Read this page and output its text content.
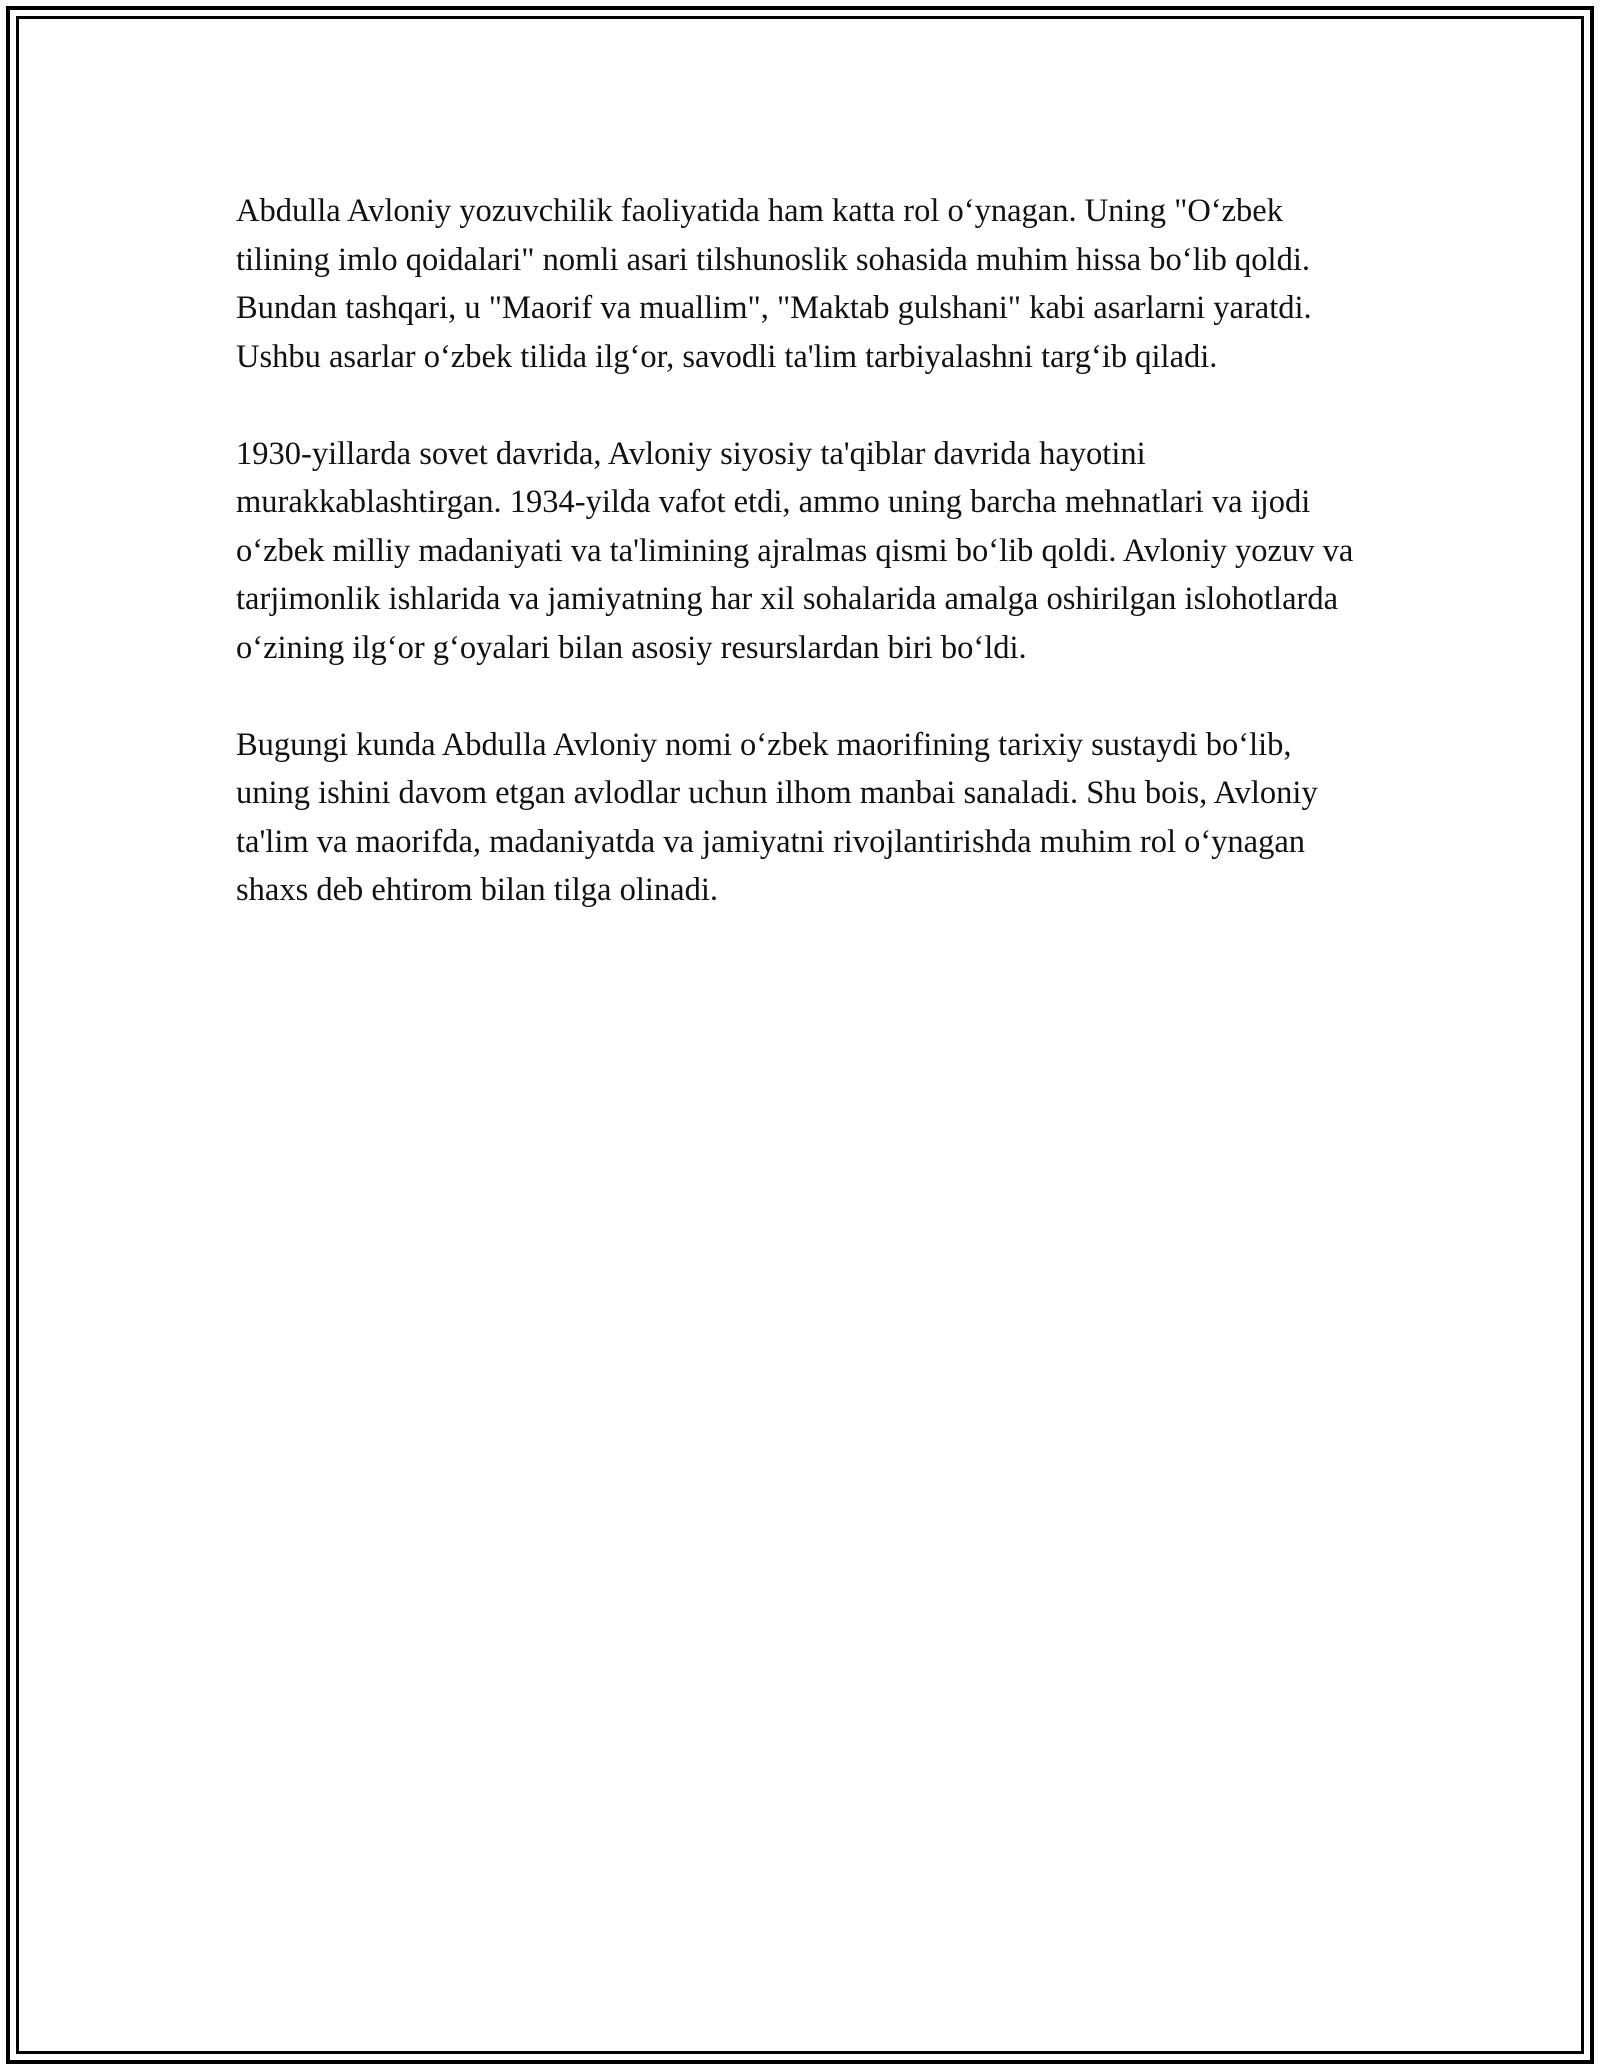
Abdulla Avloniy yozuvchilik faoliyatida ham katta rol o‘ynagan. Uning "O‘zbek tilining imlo qoidalari" nomli asari tilshunoslik sohasida muhim hissa bo‘lib qoldi. Bundan tashqari, u "Maorif va muallim", "Maktab gulshani" kabi asarlarni yaratdi. Ushbu asarlar o‘zbek tilida ilg‘or, savodli ta'lim tarbiyalashni targ‘ib qiladi.

1930-yillarda sovet davrida, Avloniy siyosiy ta'qiblar davrida hayotini murakkablashtirgan. 1934-yilda vafot etdi, ammo uning barcha mehnatlari va ijodi o‘zbek milliy madaniyati va ta'limining ajralmas qismi bo‘lib qoldi. Avloniy yozuv va tarjimonlik ishlarida va jamiyatning har xil sohalarida amalga oshirilgan islohotlarda o‘zining ilg‘or g‘oyalari bilan asosiy resurslardan biri bo‘ldi.

Bugungi kunda Abdulla Avloniy nomi o‘zbek maorifining tarixiy sustaydi bo‘lib, uning ishini davom etgan avlodlar uchun ilhom manbai sanaladi. Shu bois, Avloniy ta'lim va maorifda, madaniyatda va jamiyatni rivojlantirishda muhim rol o‘ynagan shaxs deb ehtirom bilan tilga olinadi.
